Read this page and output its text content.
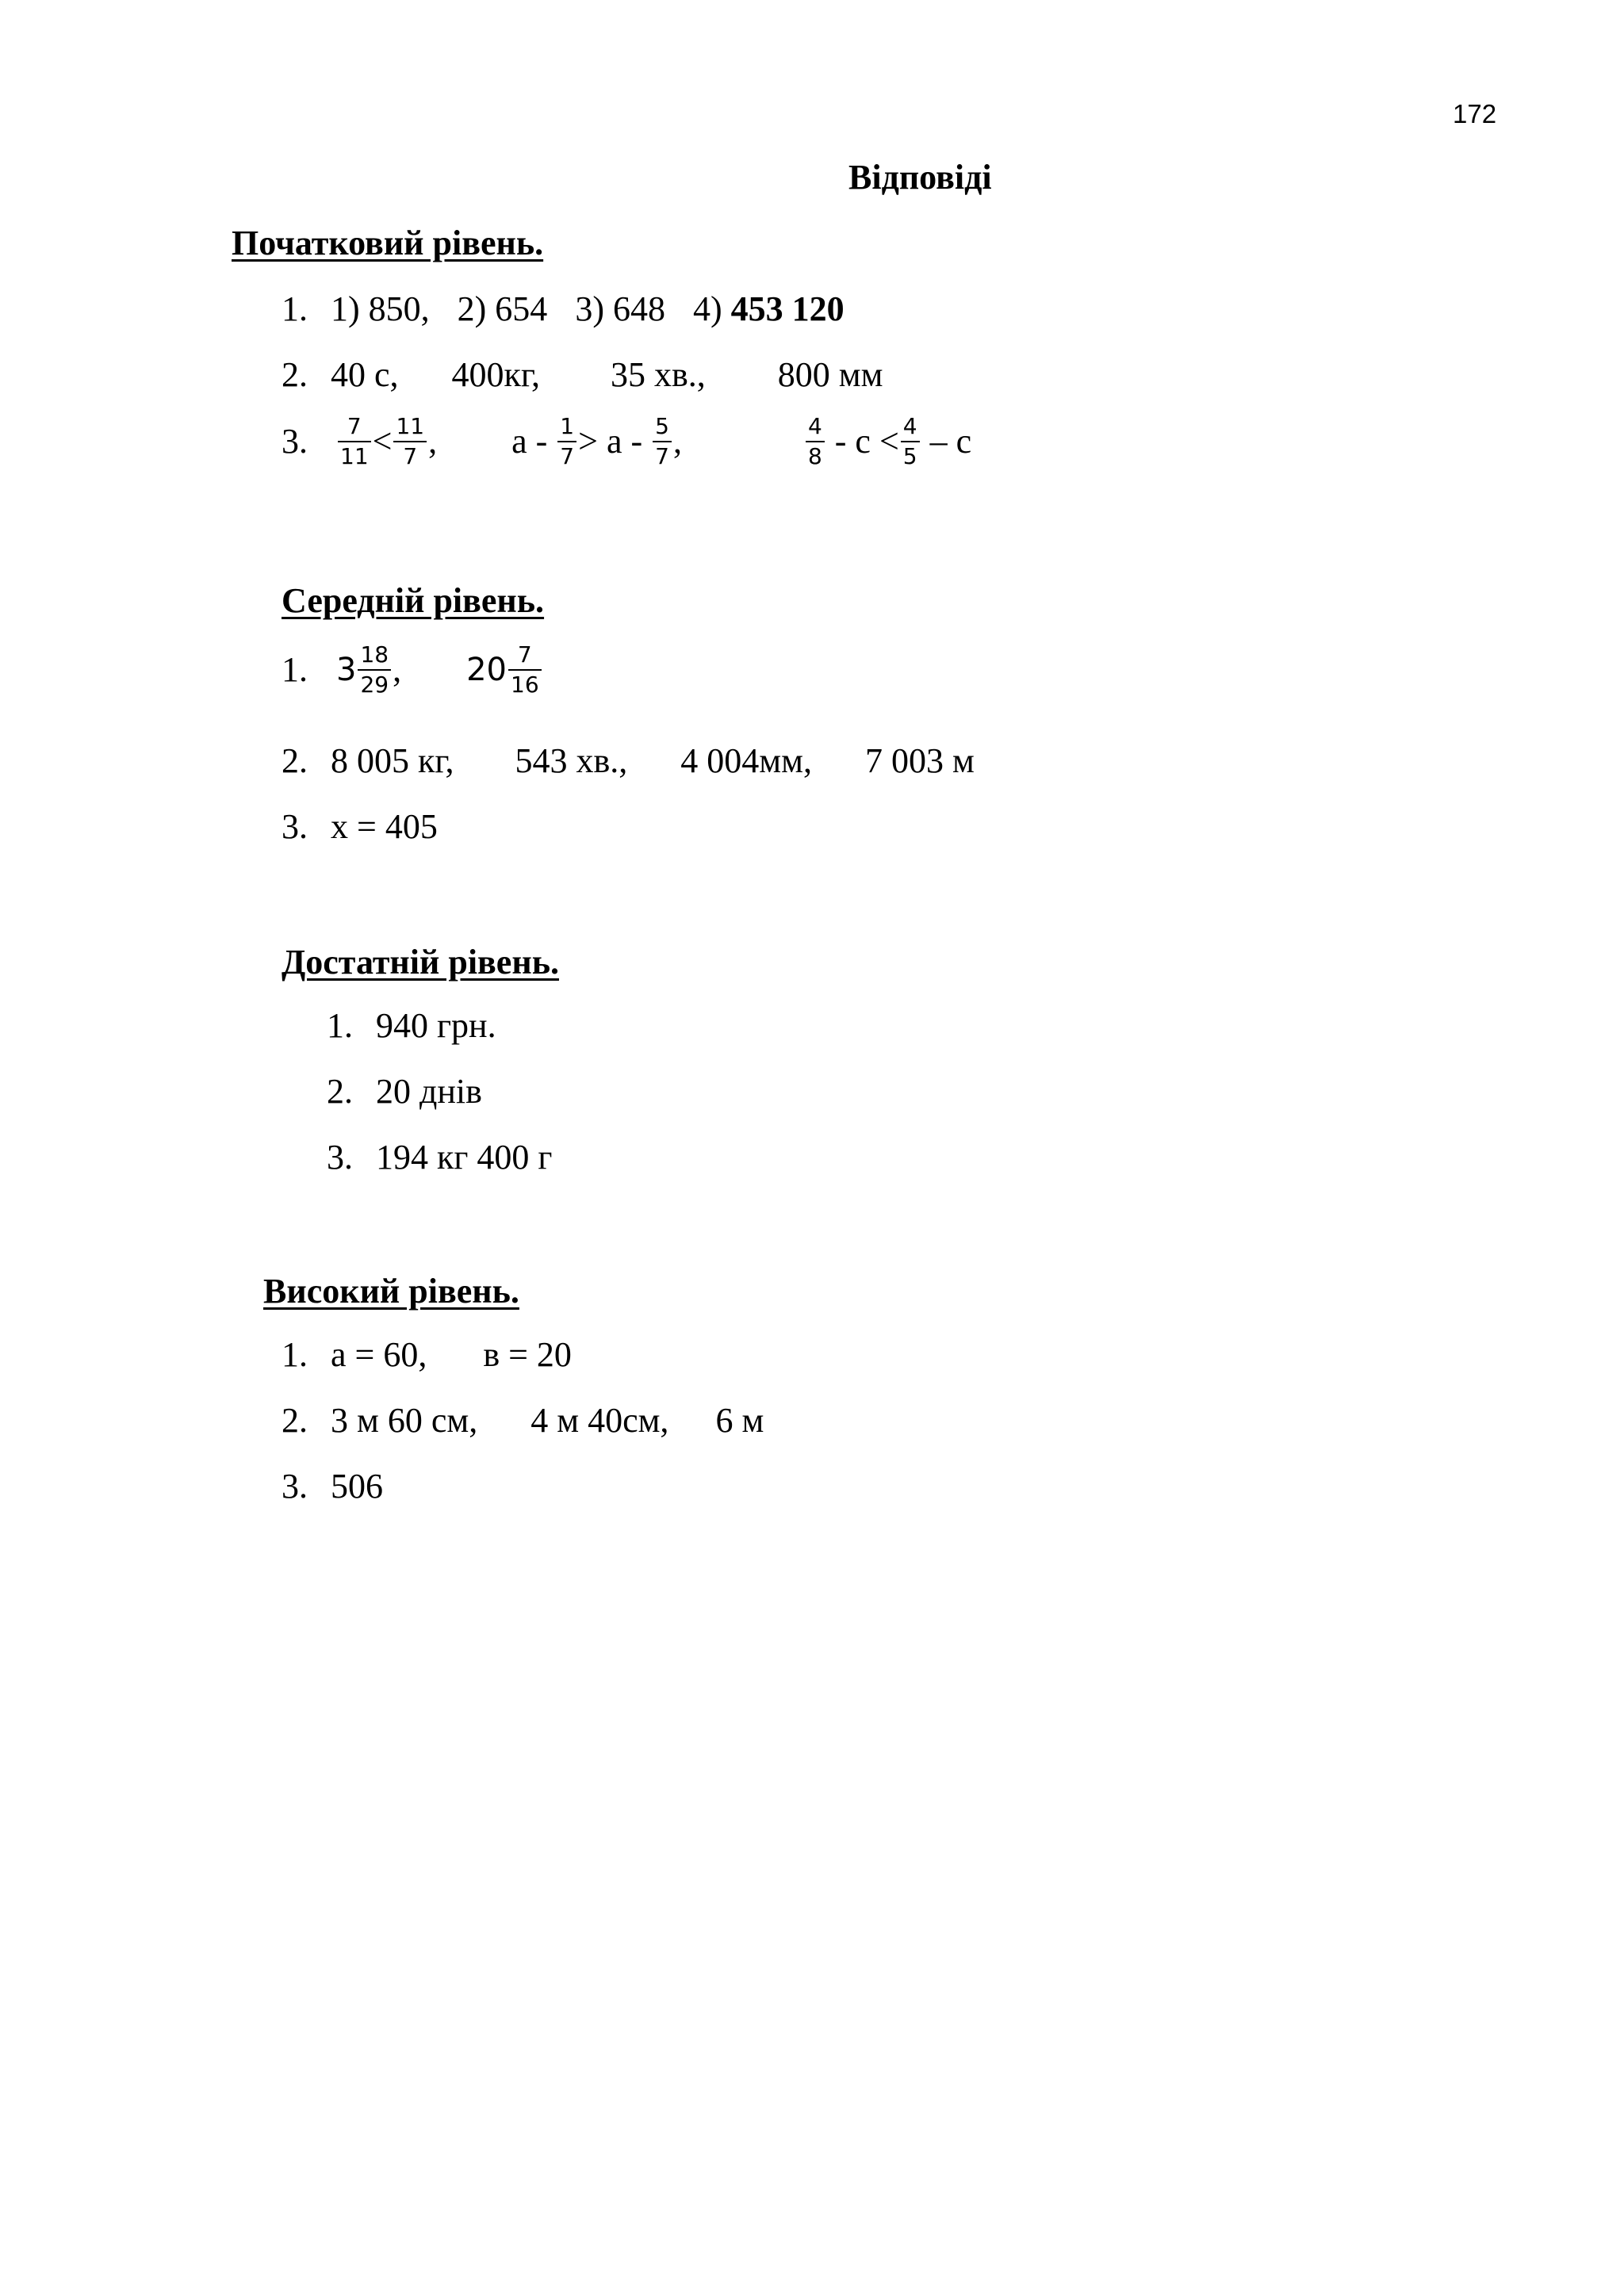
172
Відповіді
Початковий рівень.
1. 1) 850, 2) 654 3) 648 4) 453 120
2. 40 с, 400кг, 35 хв., 800 мм
3. $\frac{7}{11} < \frac{11}{7}$ , $а - \frac{1}{7} > а - \frac{5}{7}$ ,	$\frac{4}{8} - с < \frac{4}{5} - с$
Середній рівень.
1. $3 \frac{18}{29}$ , $20 \frac{7}{16}$
2. 8 005 кг, 543 хв., 4 004мм, 7 003 м
3. х = 405
Достатній рівень.
1. 940 грн.
2. 20 днів
3. 194 кг 400 г
Високий рівень.
1. а = 60, в = 20
2. 3 м 60 см, 4 м 40см, 6 м
3. 506
